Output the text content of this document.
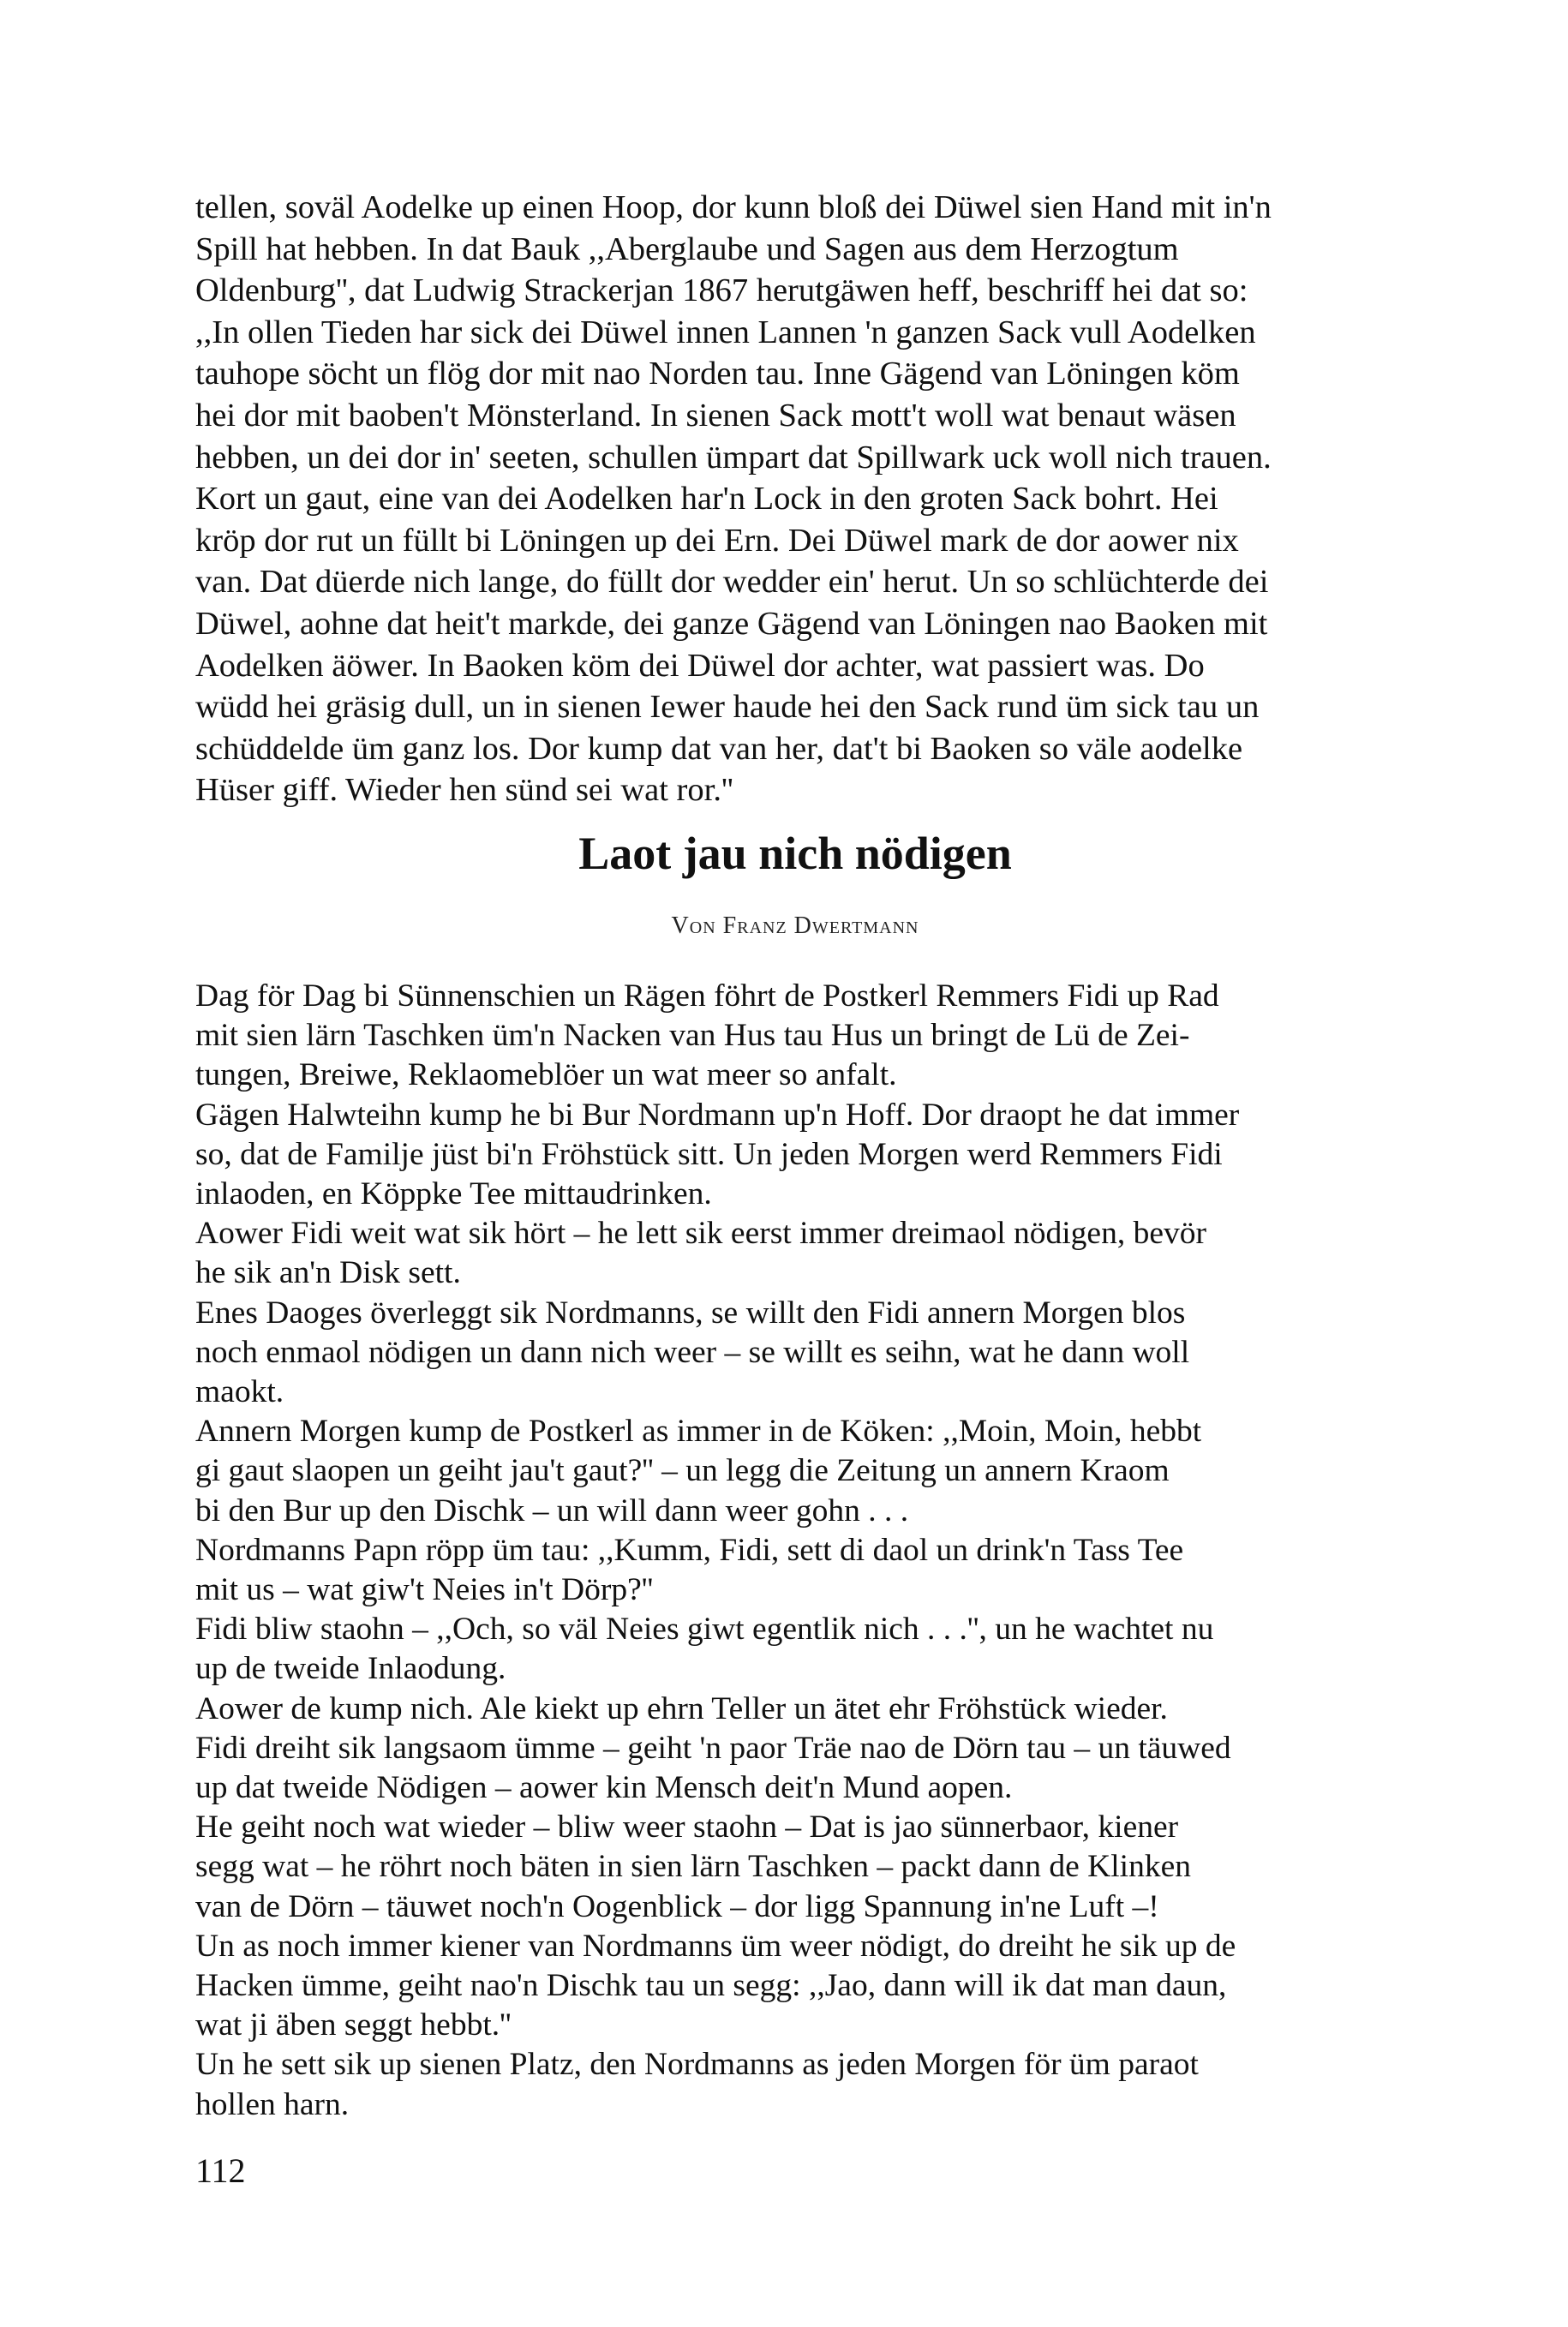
tellen, soväl Aodelke up einen Hoop, dor kunn bloß dei Düwel sien Hand mit in'n
Spill hat hebben. In dat Bauk ,,Aberglaube und Sagen aus dem Herzogtum
Oldenburg'', dat Ludwig Strackerjan 1867 herutgäwen heff, beschriff hei dat so:
,,In ollen Tieden har sick dei Düwel innen Lannen 'n ganzen Sack vull Aodelken
tauhope söcht un flög dor mit nao Norden tau. Inne Gägend van Löningen köm
hei dor mit baoben't Mönsterland. In sienen Sack mott't woll wat benaut wäsen
hebben, un dei dor in' seeten, schullen ümpart dat Spillwark uck woll nich trauen.
Kort un gaut, eine van dei Aodelken har'n Lock in den groten Sack bohrt. Hei
kröp dor rut un füllt bi Löningen up dei Ern. Dei Düwel mark de dor aower nix
van. Dat düerde nich lange, do füllt dor wedder ein' herut. Un so schlüchterde dei
Düwel, aohne dat heit't markde, dei ganze Gägend van Löningen nao Baoken mit
Aodelken äöwer. In Baoken köm dei Düwel dor achter, wat passiert was. Do
wüdd hei gräsig dull, un in sienen Iewer haude hei den Sack rund üm sick tau un
schüddelde üm ganz los. Dor kump dat van her, dat't bi Baoken so väle aodelke
Hüser giff. Wieder hen sünd sei wat ror.''
Laot jau nich nödigen
Von Franz Dwertmann
Dag för Dag bi Sünnenschien un Rägen föhrt de Postkerl Remmers Fidi up Rad
mit sien lärn Taschken üm'n Nacken van Hus tau Hus un bringt de Lü de Zei-
tungen, Breiwe, Reklaomeblöer un wat meer so anfalt.
Gägen Halwteihn kump he bi Bur Nordmann up'n Hoff. Dor draopt he dat immer
so, dat de Familje jüst bi'n Fröhstück sitt. Un jeden Morgen werd Remmers Fidi
inlaoden, en Köppke Tee mittaudrinken.
Aower Fidi weit wat sik hört – he lett sik eerst immer dreimaol nödigen, bevör
he sik an'n Disk sett.
Enes Daoges överleggt sik Nordmanns, se willt den Fidi annern Morgen blos
noch enmaol nödigen un dann nich weer – se willt es seihn, wat he dann woll
maokt.
Annern Morgen kump de Postkerl as immer in de Köken: ,,Moin, Moin, hebbt
gi gaut slaopen un geiht jau't gaut?'' – un legg die Zeitung un annern Kraom
bi den Bur up den Dischk – un will dann weer gohn . . .
Nordmanns Papn röpp üm tau: ,,Kumm, Fidi, sett di daol un drink'n Tass Tee
mit us – wat giw't Neies in't Dörp?''
Fidi bliw staohn – ,,Och, so väl Neies giwt egentlik nich . . .'', un he wachtet nu
up de tweide Inlaodung.
Aower de kump nich. Ale kiekt up ehrn Teller un ätet ehr Fröhstück wieder.
Fidi dreiht sik langsaom ümme – geiht 'n paor Träe nao de Dörn tau – un täuwed
up dat tweide Nödigen – aower kin Mensch deit'n Mund aopen.
He geiht noch wat wieder – bliw weer staohn – Dat is jao sünnerbaor, kiener
segg wat – he röhrt noch bäten in sien lärn Taschken – packt dann de Klinken
van de Dörn – täuwet noch'n Oogenblick – dor ligg Spannung in'ne Luft –!
Un as noch immer kiener van Nordmanns üm weer nödigt, do dreiht he sik up de
Hacken ümme, geiht nao'n Dischk tau un segg: ,,Jao, dann will ik dat man daun,
wat ji äben seggt hebbt.''
Un he sett sik up sienen Platz, den Nordmanns as jeden Morgen för üm paraot
hollen harn.
112
